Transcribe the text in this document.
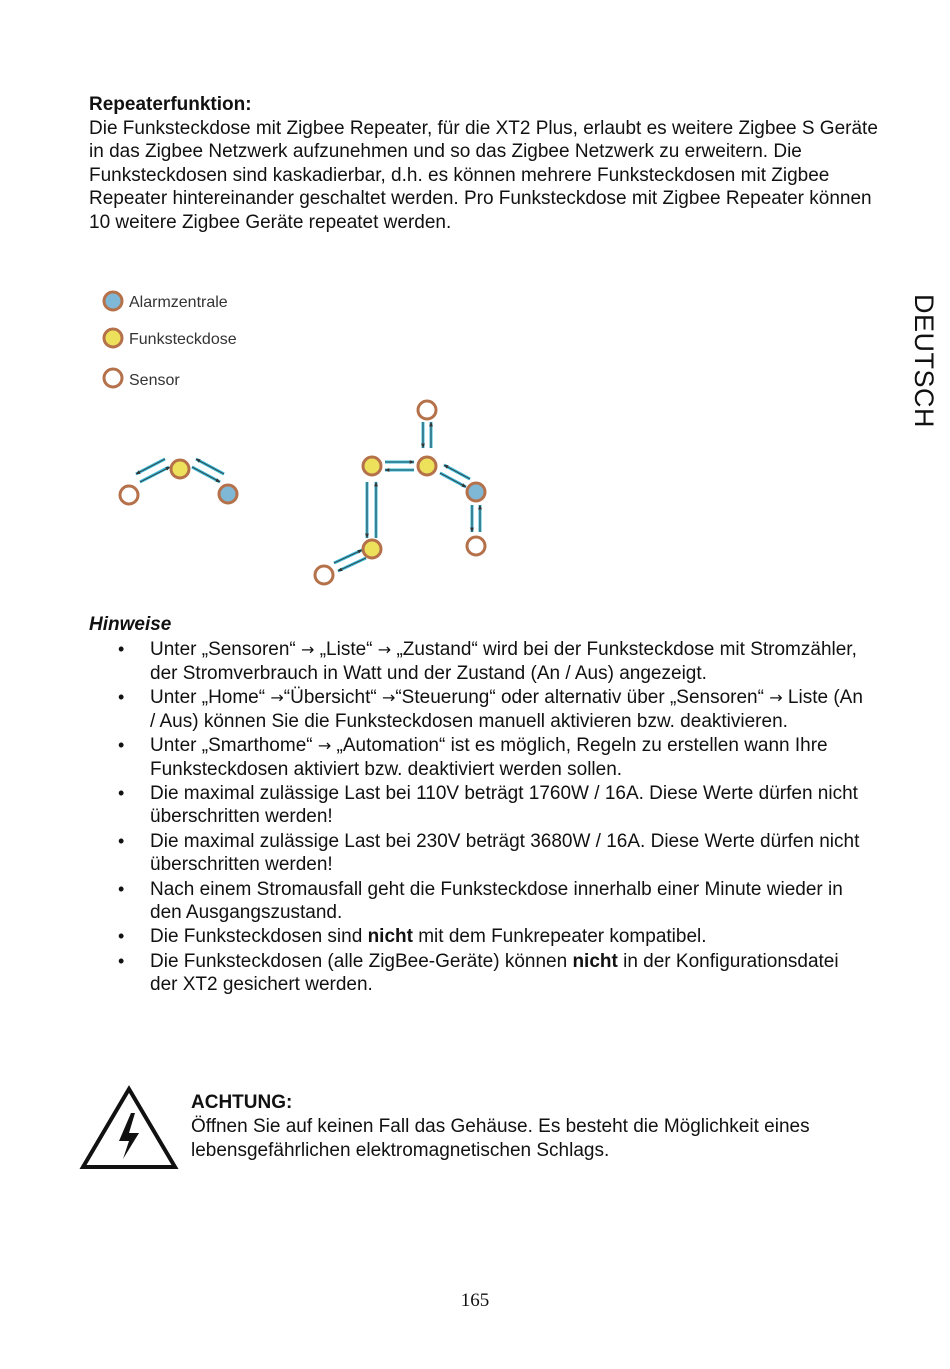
Repeaterfunktion:

Die Funksteckdose mit Zigbee Repeater, für die XT2 Plus, erlaubt es weitere Zigbee S Geräte in das Zigbee Netzwerk aufzunehmen und so das Zigbee Netzwerk zu erweitern. Die Funksteckdosen sind kaskadierbar, d.h. es können mehrere Funksteckdosen mit Zigbee Repeater hintereinander geschaltet werden. Pro Funksteckdose mit Zigbee Repeater können 10 weitere Zigbee Geräte repeatet werden.

DEUTSCH
Alarmzentrale
Funksteckdose
Sensor
Hinweise
• Unter „Sensoren“ → „Liste“ → „Zustand“ wird bei der Funksteckdose mit Stromzähler, der Stromverbrauch in Watt und der Zustand (An / Aus) angezeigt.
• Unter „Home“ →“Übersicht“ →“Steuerung“ oder alternativ über „Sensoren“ → Liste (An / Aus) können Sie die Funksteckdosen manuell aktivieren bzw. deaktivieren.
• Unter „Smarthome“ → „Automation“ ist es möglich, Regeln zu erstellen wann Ihre Funksteckdosen aktiviert bzw. deaktiviert werden sollen.
• Die maximal zulässige Last bei 110V beträgt 1760W / 16A. Diese Werte dürfen nicht überschritten werden!
• Die maximal zulässige Last bei 230V beträgt 3680W / 16A. Diese Werte dürfen nicht überschritten werden!
• Nach einem Stromausfall geht die Funksteckdose innerhalb einer Minute wieder in den Ausgangszustand.
• Die Funksteckdosen sind nicht mit dem Funkrepeater kompatibel.
• Die Funksteckdosen (alle ZigBee-Geräte) können nicht in der Konfigurationsdatei der XT2 gesichert werden.
ACHTUNG:

Öffnen Sie auf keinen Fall das Gehäuse. Es besteht die Möglichkeit eines lebensgefährlichen elektromagnetischen Schlags.

165
